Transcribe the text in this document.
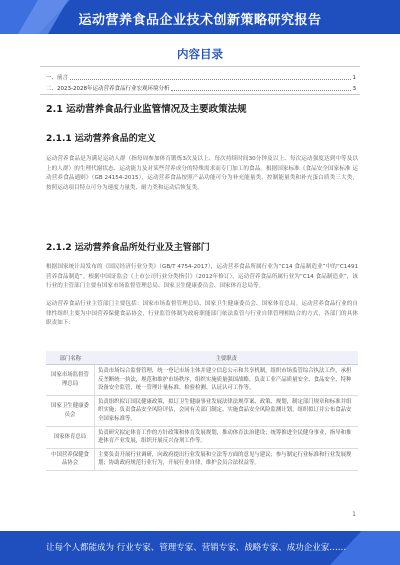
运动营养食品企业技术创新策略研究报告
内容目录
一、前言	1
二、2023-2028年运动营养食品行业宏观环境分析	3
2.1 运动营养食品行业监管情况及主要政策法规
2.1.1 运动营养食品的定义

运动营养食品是为满足运动人群（指每周参加体育锻炼3次及以上、每次持续时间30分钟及以上、每次运动强度达到中等及以上的人群）的生理代谢状态、运动能力及对某些营养成分的特殊需求而专门加工的食品。根据国家标准《食品安全国家标准 运动营养食品通则》（GB 24154-2015），运动营养食品按照产品功能可分为补充能量类、控制能量类和补充蛋白质类三大类，按照运动项目特点可分为速度力量类、耐力类和运动后恢复类。

2.1.2 运动营养食品所处行业及主管部门

根据国家统计局发布的《国民经济行业分类》（GB/T 4754-2017），运动营养食品所属行业为“C14 食品制造业”中的“C1491 营养食品制造”。根据中国证监会《上市公司行业分类指引》（2012年修订），运动营养食品所属行业为“C14 食品制造业”，该行业的主管部门主要有国家市场监督管理总局、国家卫生健康委员会、国家体育总局等。

运动营养食品行业主管部门主要包括：国家市场监督管理总局、国家卫生健康委员会、国家体育总局。运动营养食品行业的自律性组织主要为中国营养保健食品协会，行业监管体制为政府职能部门依法监管与行业自律管理相结合的方式，各部门的具体职责如下：

部门名称	主要职责
国家市场监督管理总局	负责市场综合监督管理，统一登记市场主体并建立信息公示和共享机制，组织市场监管综合执法工作，承担反垄断统一执法，规范和维护市场秩序，组织实施质量强国战略，负责工业产品质量安全、食品安全、特种设备安全监管，统一管理计量标准、检验检测、认证认可工作等。
国家卫生健康委员会	负责组织拟订国民健康政策，拟订卫生健康事业发展法律法规草案、政策、规划，制定部门规章和标准并组织实施；负责食品安全风险评估，会同有关部门制定、实施食品安全风险监测计划，组织拟订并公布食品安全国家标准等。
国家体育总局	负责研究拟定体育工作的方针政策和体育发展规划，推动体育法治建设；统筹推进全民健身事业，指导和推进体育产业发展，组织开展反兴奋剂工作等。
中国营养保健食品协会	主要负责开展行业调研，向政府提出行业发展和立法等方面的意见与建议；参与制定行业标准和行业发展规划；协助政府规范行业行为，开展行业自律，维护会员合法权益等。
1
让每个人都能成为 行业专家、管理专家、营销专家、战略专家、成功企业家……
